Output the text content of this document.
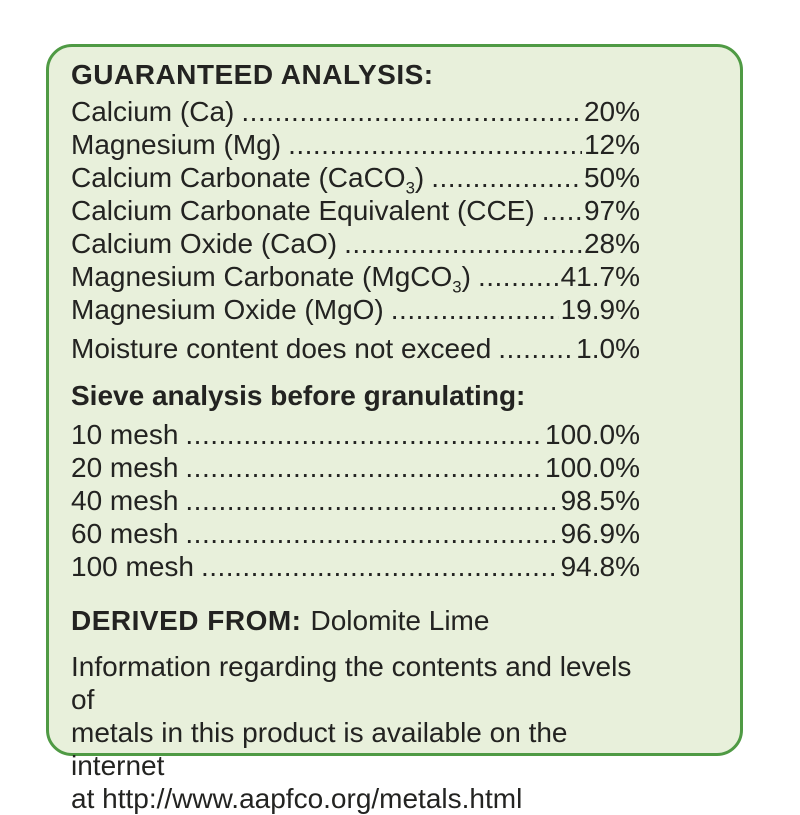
GUARANTEED ANALYSIS:
Calcium (Ca) .....	20%
Magnesium (Mg) .....	12%
Calcium Carbonate (CaCO$_3$) .....	50%
Calcium Carbonate Equivalent (CCE) ..... 97%
Calcium Oxide (CaO) .....	28%
Magnesium Carbonate (MgCO$_3$) .....	41.7%
Magnesium Oxide (MgO) .....	19.9%
Moisture content does not exceed .....	1.0%
Sieve analysis before granulating:
10 mesh .....	100.0%
20 mesh .....	100.0%
40 mesh .....	98.5%
60 mesh .....	96.9%
100 mesh .....	94.8%
DERIVED FROM: Dolomite Lime
Information regarding the contents and levels of
metals in this product is available on the internet
at http://www.aapfco.org/metals.html
